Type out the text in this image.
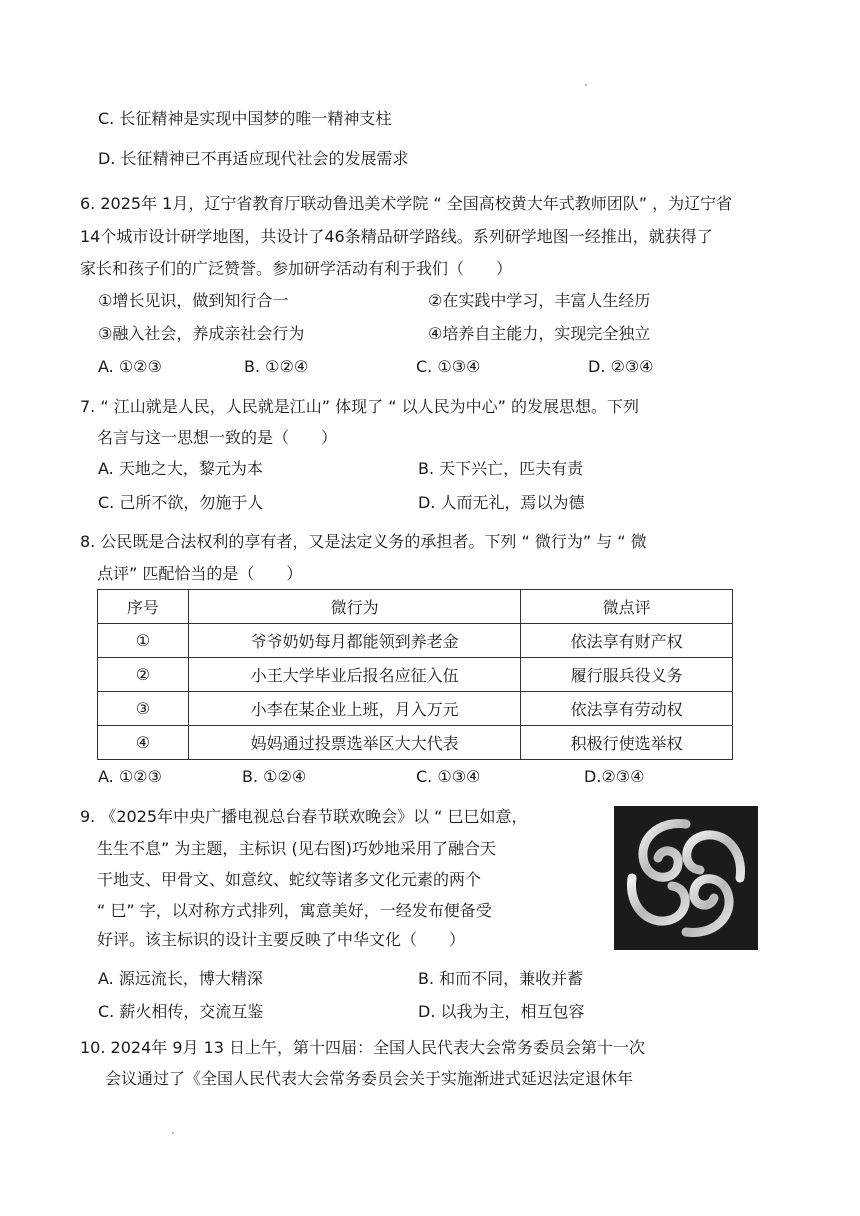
C. 长征精神是实现中国梦的唯一精神支柱
D. 长征精神已不再适应现代社会的发展需求
6. 2025年 1月，辽宁省教育厅联动鲁迅美术学院 “ 全国高校黄大年式教师团队” ，为辽宁省
14个城市设计研学地图，共设计了46条精品研学路线。系列研学地图一经推出，就获得了
家长和孩子们的广泛赞誉。参加研学活动有利于我们（　　）
①增长见识，做到知行合一	②在实践中学习，丰富人生经历
③融入社会，养成亲社会行为	④培养自主能力，实现完全独立
A. ①②③	B. ①②④	C. ①③④	D. ②③④
7. “ 江山就是人民，人民就是江山” 体现了 “ 以人民为中心” 的发展思想。下列
名言与这一思想一致的是（　　）
A. 天地之大，黎元为本	B. 天下兴亡，匹夫有责
C. 己所不欲，勿施于人	D. 人而无礼，焉以为德
8. 公民既是合法权利的享有者，又是法定义务的承担者。下列 “ 微行为” 与 “ 微
点评” 匹配恰当的是（　　）
序号	微行为	微点评
①	爷爷奶奶每月都能领到养老金	依法享有财产权
②	小王大学毕业后报名应征入伍	履行服兵役义务
③	小李在某企业上班，月入万元	依法享有劳动权
④	妈妈通过投票选举区大大代表	积极行使选举权
A. ①②③	B. ①②④	C. ①③④	D.②③④
9. 《2025年中央广播电视总台春节联欢晚会》以 “ 巳巳如意，
生生不息” 为主题，主标识 (见右图)巧妙地采用了融合天
干地支、甲骨文、如意纹、蛇纹等诸多文化元素的两个
“ 巳” 字，以对称方式排列，寓意美好，一经发布便备受
好评。该主标识的设计主要反映了中华文化（　　）
A. 源远流长，博大精深	B. 和而不同，兼收并蓄
C. 薪火相传，交流互鉴	D. 以我为主，相互包容
10. 2024年 9月 13 日上午，第十四届：全国人民代表大会常务委员会第十一次
会议通过了《全国人民代表大会常务委员会关于实施渐进式延迟法定退休年
